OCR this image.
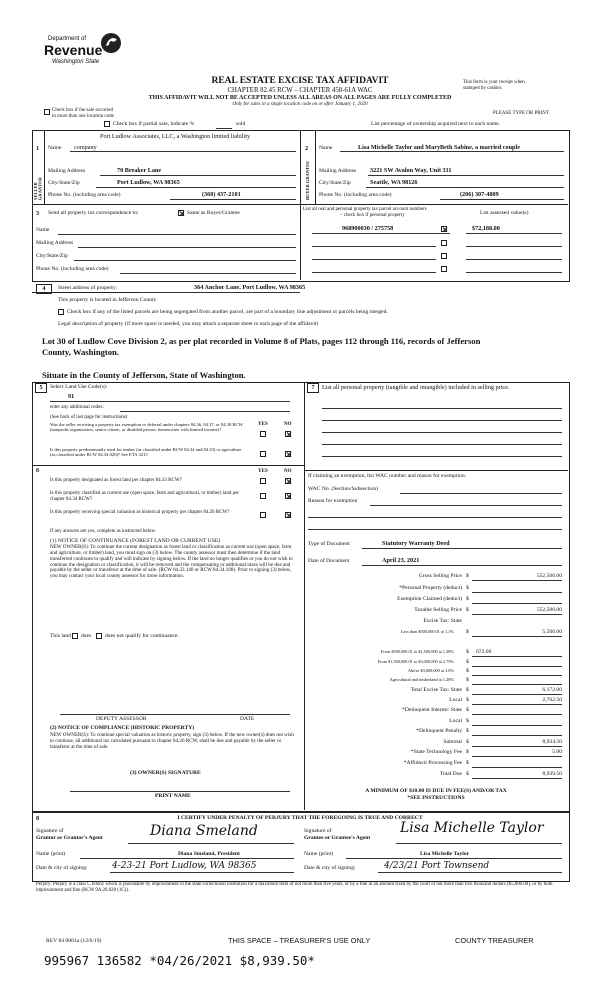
Department of
Revenue
Washington State
REAL ESTATE EXCISE TAX AFFIDAVIT
CHAPTER 82.45 RCW – CHAPTER 458-61A WAC
THIS AFFIDAVIT WILL NOT BE ACCEPTED UNLESS ALL AREAS ON ALL PAGES ARE FULLY COMPLETED
Only for sales in a single location code on or after January 1, 2020
This form is your receipt when
stamped by cashier.
PLEASE TYPE OR PRINT
Check box if the sale occurred
in more than one location code
Check box if partial sale, indicate %	sold	List percentage of ownership acquired next to each name.
1
SELLER GRANTOR
Name
Port Ludlow Associates, LLC, a Washington limited liability
company
Mailing Address	70 Breaker Lane
City/State/Zip	Port Ludlow, WA 98365
Phone No. (including area code)	(360) 437-2101
2
BUYER GRANTEE
Name	Lisa Michelle Taylor and MaryBeth Sabine, a married couple
Mailing Address 3221 SW Avalon Way, Unit 311
City/State/Zip	Seattle, WA 98126
Phone No. (including area code)	(206) 307-4809
3 Send all property tax correspondence to:	Same as Buyer/Grantee
Name
Mailing Address
City/State/Zip
Phone No. (including area code)
List all real and personal property tax parcel account numbers
– check box if personal property	List assessed value(s)
968900030 / 275758	$72,188.00
4	Street address of property:	364 Anchor Lane, Port Ludlow, WA 98365
This property is located in Jefferson County
Check box if any of the listed parcels are being segregated from another parcel, are part of a boundary line adjustment or parcels being merged.
Legal description of property (if more space is needed, you may attach a separate sheet to each page of the affidavit)
Lot 30 of Ludlow Cove Division 2, as per plat recorded in Volume 8 of Plats, pages 112 through 116, records of Jefferson
County, Washington.
Situate in the County of Jefferson, State of Washington.
5	Select Land Use Code(s):
91
enter any additional codes:
(See back of last page for instructions)
YES	NO
Was the seller receiving a property tax exemption or deferral under chapters 84.36, 84.37, or 84.38 RCW (nonprofit organization, senior citizen, or disabled person, homeowner with limited income)?
Is this property predominantly used for timber (as classified under RCW 84.34 and 84.33) or agriculture (as classified under RCW 84.34.020)? See ETA 3215
7	List all personal property (tangible and intangible) included in selling price.
6	YES	NO
Is this property designated as forest land per chapter 84.33 RCW?
Is this property classified as current use (open space, farm and agricultural, or timber) land per chapter 84.34 RCW?
Is this property receiving special valuation as historical property per chapter 84.26 RCW?
If any answers are yes, complete as instructed below.
(1) NOTICE OF CONTINUANCE (FOREST LAND OR CURRENT USE)
NEW OWNER(S): To continue the current designation as forest land or classification as current use (open space, farm and agriculture, or timber) land, you must sign on (3) below. The county assessor must then determine if the land transferred continues to qualify and will indicate by signing below. If the land no longer qualifies or you do not wish to continue the designation or classification, it will be removed and the compensating or additional taxes will be due and payable by the seller or transferor at the time of sale. (RCW 84.33.140 or RCW 84.34.108). Prior to signing (3) below, you may contact your local county assessor for more information.
This land does does not qualify for continuance.
DEPUTY ASSESSOR	DATE
(2) NOTICE OF COMPLIANCE (HISTORIC PROPERTY)
NEW OWNER(S): To continue special valuation as historic property, sign (3) below. If the new owner(s) does not wish to continue, all additional tax calculated pursuant to chapter 84.26 RCW, shall be due and payable by the seller or transferor at the time of sale.
(3) OWNER(S) SIGNATURE
PRINT NAME
If claiming an exemption, list WAC number and reason for exemption:
WAC No. (Section/Subsection)
Reason for exemption
Type of Document	Statutory Warranty Deed
Date of Document	April 23, 2021
Gross Selling Price $	552,500.00
*Personal Property (deduct) $
Exemption Claimed (deduct) $
Taxable Selling Price $	552,500.00
Excise Tax: State
Less than $500,000.01 at 1.1% $	5,500.00
From $500,000.01 to $1,500,000 at 1.28% $ 672.00
From $1,500,000.01 to $3,000,000 at 2.75% $
Above $3,000,000 at 3.0% $
Agricultural and timberland at 1.28% $
Total Excise Tax: State $	6,172.00
Local $	2,762.50
*Delinquent Interest: State $
Local $
*Delinquent Penalty $
Subtotal $	8,934.50
*State Technology Fee $	5.00
*Affidavit Processing Fee $
Total Due $	8,939.50
A MINIMUM OF $10.00 IS DUE IN FEE(S) AND/OR TAX
*SEE INSTRUCTIONS
8	I CERTIFY UNDER PENALTY OF PERJURY THAT THE FOREGOING IS TRUE AND CORRECT
Signature of
Grantor or Grantor's Agent	Diana Smeland
Name (print)	Diana Smeland, President
Date & city of signing:	4-23-21 Port Ludlow, WA 98365
Signature of
Grantee or Grantee's Agent
Lisa Michelle Taylor
Name (print)	Lisa Michelle Taylor
Date & city of signing:	4/23/21 Port Townsend
Perjury: Perjury is a class C felony which is punishable by imprisonment in the state correctional institution for a maximum term of not more than five years, or by a fine in an amount fixed by the court of not more than five thousand dollars ($5,000.00), or by both imprisonment and fine (RCW 9A.20.020 (1C)).
REV 84 0001a (12/6/19)	THIS SPACE – TREASURER'S USE ONLY	COUNTY TREASURER
995967 136582 *04/26/2021 $8,939.50*
